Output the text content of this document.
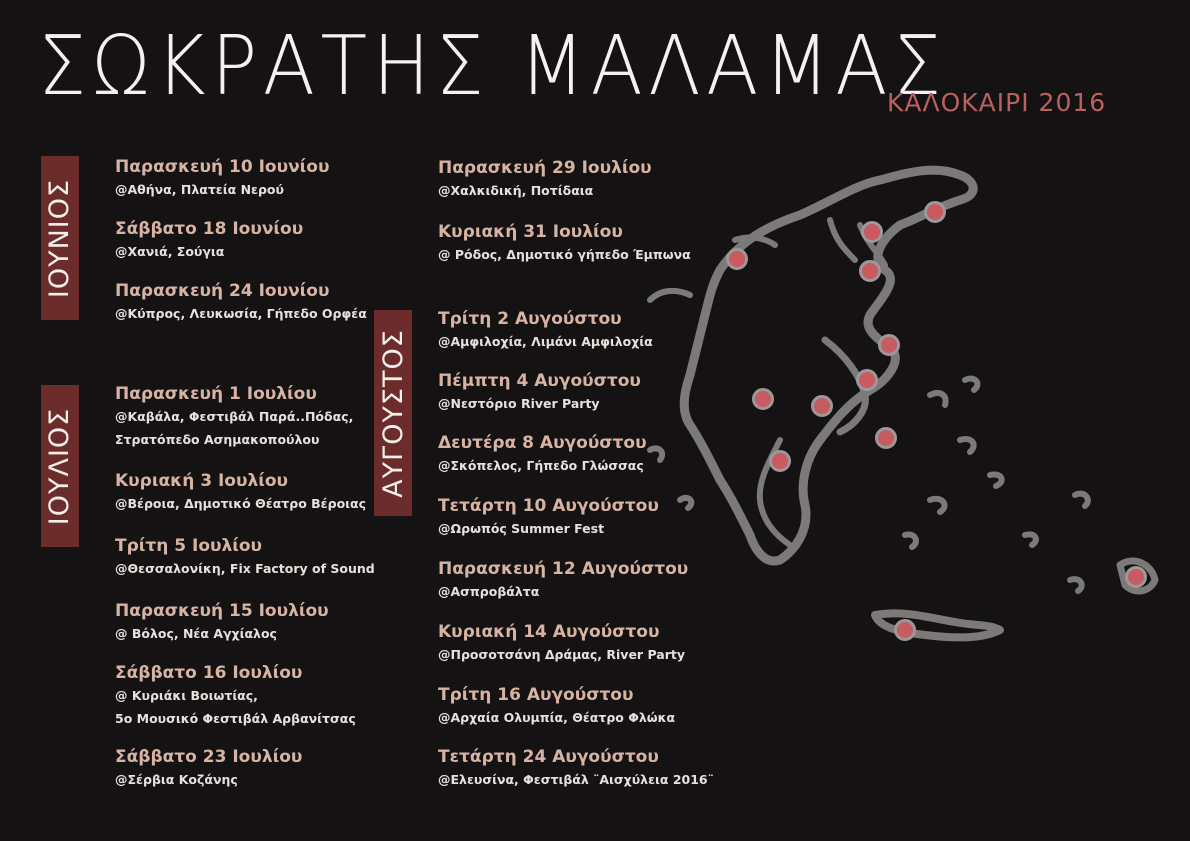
ΣΩΚΡΑΤΗΣ ΜΑΛΑΜΑΣ
ΚΑΛΟΚΑΙΡΙ 2016
ΙΟΥΝΙΟΣ
ΙΟΥΛΙΟΣ	ΑΥΓΟΥΣΤΟΣ
Παρασκευή 10 Ιουνίου
@Αθήνα, Πλατεία Νερού
Σάββατο 18 Ιουνίου
@Χανιά, Σούγια
Παρασκευή 24 Ιουνίου
@Κύπρος, Λευκωσία, Γήπεδο Ορφέα
Παρασκευή 1 Ιουλίου
@Καβάλα, Φεστιβάλ Παρά..Πόδας,
Στρατόπεδο Ασημακοπούλου
Κυριακή 3 Ιουλίου
@Βέροια, Δημοτικό Θέατρο Βέροιας
Τρίτη 5 Ιουλίου
@Θεσσαλονίκη, Fix Factory of Sound
Παρασκευή 15 Ιουλίου
@ Βόλος, Νέα Αγχίαλος
Σάββατο 16 Ιουλίου
@ Κυριάκι Βοιωτίας,
5ο Μουσικό Φεστιβάλ Αρβανίτσας
Σάββατο 23 Ιουλίου
@Σέρβια Κοζάνης
Παρασκευή 29 Ιουλίου
@Χαλκιδική, Ποτίδαια
Κυριακή 31 Ιουλίου
@ Ρόδος, Δημοτικό γήπεδο Έμπωνα
Τρίτη 2 Αυγούστου
@Αμφιλοχία, Λιμάνι Αμφιλοχία
Πέμπτη 4 Αυγούστου
@Νεστόριο River Party
Δευτέρα 8 Αυγούστου
@Σκόπελος, Γήπεδο Γλώσσας
Τετάρτη 10 Αυγούστου
@Ωρωπός Summer Fest
Παρασκευή 12 Αυγούστου
@Ασπροβάλτα
Κυριακή 14 Αυγούστου
@Προσοτσάνη Δράμας, River Party
Τρίτη 16 Αυγούστου
@Αρχαία Ολυμπία, Θέατρο Φλώκα
Τετάρτη 24 Αυγούστου
@Ελευσίνα, Φεστιβάλ ¨Αισχύλεια 2016¨
